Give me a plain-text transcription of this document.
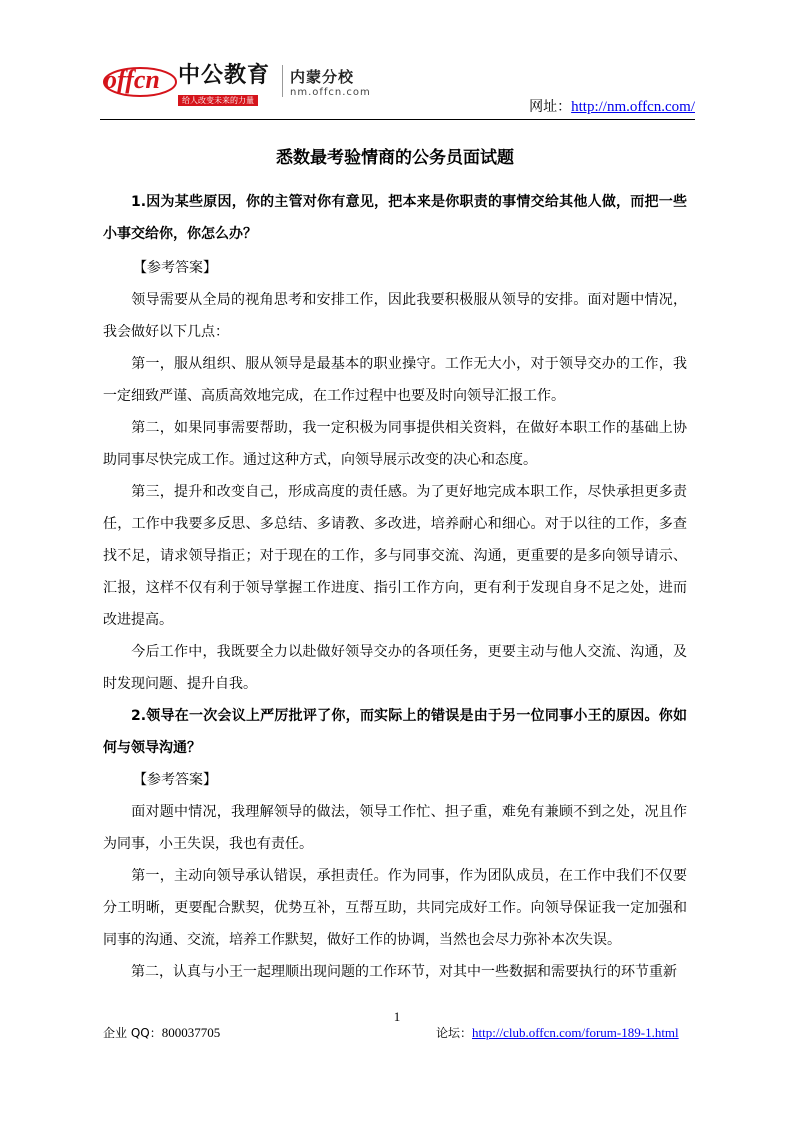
offcn 中公教育
给人改变未来的力量
内蒙分校
nm.offcn.com
网址：http://nm.offcn.com/
悉数最考验情商的公务员面试题
1.因为某些原因，你的主管对你有意见，把本来是你职责的事情交给其他人做，而把一些小事交给你，你怎么办？
【参考答案】
领导需要从全局的视角思考和安排工作，因此我要积极服从领导的安排。面对题中情况，我会做好以下几点：
第一，服从组织、服从领导是最基本的职业操守。工作无大小，对于领导交办的工作，我一定细致严谨、高质高效地完成，在工作过程中也要及时向领导汇报工作。
第二，如果同事需要帮助，我一定积极为同事提供相关资料，在做好本职工作的基础上协助同事尽快完成工作。通过这种方式，向领导展示改变的决心和态度。
第三，提升和改变自己，形成高度的责任感。为了更好地完成本职工作，尽快承担更多责任，工作中我要多反思、多总结、多请教、多改进，培养耐心和细心。对于以往的工作，多查找不足，请求领导指正；对于现在的工作，多与同事交流、沟通，更重要的是多向领导请示、汇报，这样不仅有利于领导掌握工作进度、指引工作方向，更有利于发现自身不足之处，进而改进提高。
今后工作中，我既要全力以赴做好领导交办的各项任务，更要主动与他人交流、沟通，及时发现问题、提升自我。
2.领导在一次会议上严厉批评了你，而实际上的错误是由于另一位同事小王的原因。你如何与领导沟通？
【参考答案】
面对题中情况，我理解领导的做法，领导工作忙、担子重，难免有兼顾不到之处，况且作为同事，小王失误，我也有责任。
第一，主动向领导承认错误，承担责任。作为同事，作为团队成员，在工作中我们不仅要分工明晰，更要配合默契，优势互补，互帮互助，共同完成好工作。向领导保证我一定加强和同事的沟通、交流，培养工作默契，做好工作的协调，当然也会尽力弥补本次失误。
第二，认真与小王一起理顺出现问题的工作环节，对其中一些数据和需要执行的环节重新
1
企业 QQ：800037705	论坛：http://club.offcn.com/forum-189-1.html
